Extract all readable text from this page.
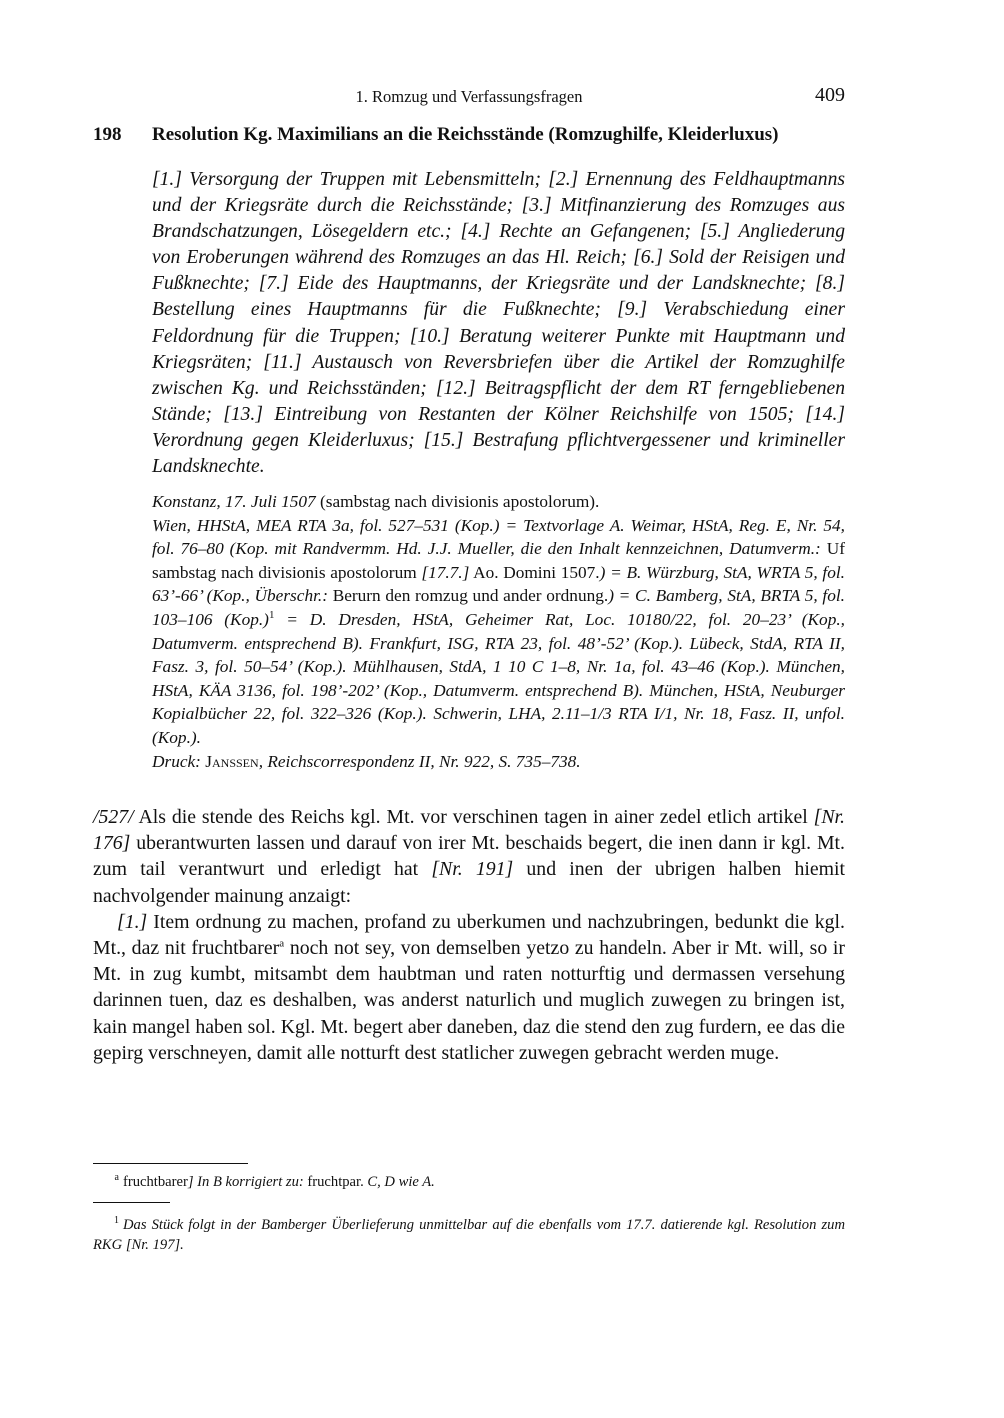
1. Romzug und Verfassungsfragen	409
198 Resolution Kg. Maximilians an die Reichsstände (Romzughilfe, Kleiderluxus)

[1.] Versorgung der Truppen mit Lebensmitteln; [2.] Ernennung des Feldhauptmanns und der Kriegsräte durch die Reichsstände; [3.] Mitfinanzierung des Romzuges aus Brandschatzungen, Lösegeldern etc.; [4.] Rechte an Gefangenen; [5.] Angliederung von Eroberungen während des Romzuges an das Hl. Reich; [6.] Sold der Reisigen und Fußknechte; [7.] Eide des Hauptmanns, der Kriegsräte und der Landsknechte; [8.] Bestellung eines Hauptmanns für die Fußknechte; [9.] Verabschiedung einer Feldordnung für die Truppen; [10.] Beratung weiterer Punkte mit Hauptmann und Kriegsräten; [11.] Austausch von Reversbriefen über die Artikel der Romzughilfe zwischen Kg. und Reichsständen; [12.] Beitragspflicht der dem RT ferngebliebenen Stände; [13.] Eintreibung von Restanten der Kölner Reichshilfe von 1505; [14.] Verordnung gegen Kleiderluxus; [15.] Bestrafung pflichtvergessener und krimineller Landsknechte.

Konstanz, 17. Juli 1507 (sambstag nach divisionis apostolorum).

Wien, HHStA, MEA RTA 3a, fol. 527–531 (Kop.) = Textvorlage A. Weimar, HStA, Reg. E, Nr. 54, fol. 76–80 (Kop. mit Randvermm. Hd. J.J. Mueller, die den Inhalt kennzeichnen, Datumverm.: Uf sambstag nach divisionis apostolorum [17.7.] Ao. Domini 1507.) = B. Würzburg, StA, WRTA 5, fol. 63’-66’ (Kop., Überschr.: Berurn den romzug und ander ordnung.) = C. Bamberg, StA, BRTA 5, fol. 103–106 $(Kop.)^1 = D$. Dresden, HStA, Geheimer Rat, Loc. 10180/22, fol. 20–23’ (Kop., Datumverm. entsprechend B). Frankfurt, ISG, RTA 23, fol. 48’-52’ (Kop.). Lübeck, StdA, RTA II, Fasz. 3, fol. 50–54’ (Kop.). Mühlhausen, StdA, 1 10 C 1–8, Nr. 1a, fol. 43–46 (Kop.). München, HStA, KÄA 3136, fol. 198’-202’ (Kop., Datumverm. entsprechend B). München, HStA, Neuburger Kopialbücher 22, fol. 322–326 (Kop.). Schwerin, LHA, 2.11–1/3 RTA I/1, Nr. 18, Fasz. II, unfol. (Kop.).

Druck: Janssen, Reichscorrespondenz II, Nr. 922, S. 735–738.

/527/ Als die stende des Reichs kgl. Mt. vor verschinen tagen in ainer zedel etlich artikel [Nr. 176] uberantwurten lassen und darauf von irer Mt. beschaids begert, die inen dann ir kgl. Mt. zum tail verantwurt und erledigt hat [Nr. 191] und inen der ubrigen halben hiemit nachvolgender mainung anzaigt:

[1.] Item ordnung zu machen, profand zu uberkumen und nachzubringen, bedunkt die kgl. Mt., daz nit fruchtbarer$^a$ noch not sey, von demselben yetzo zu handeln. Aber ir Mt. will, so ir Mt. in zug kumbt, mitsambt dem haubtman und raten notturftig und dermassen versehung darinnen tuen, daz es deshalben, was anderst naturlich und muglich zuwegen zu bringen ist, kain mangel haben sol. Kgl. Mt. begert aber daneben, daz die stend den zug furdern, ee das die gepirg verschneyen, damit alle notturft dest statlicher zuwegen gebracht werden muge.

a fruchtbarer] In B korrigiert zu: fruchtpar. C, D wie A.

1 Das Stück folgt in der Bamberger Überlieferung unmittelbar auf die ebenfalls vom 17.7. datierende kgl. Resolution zum RKG [Nr. 197].
